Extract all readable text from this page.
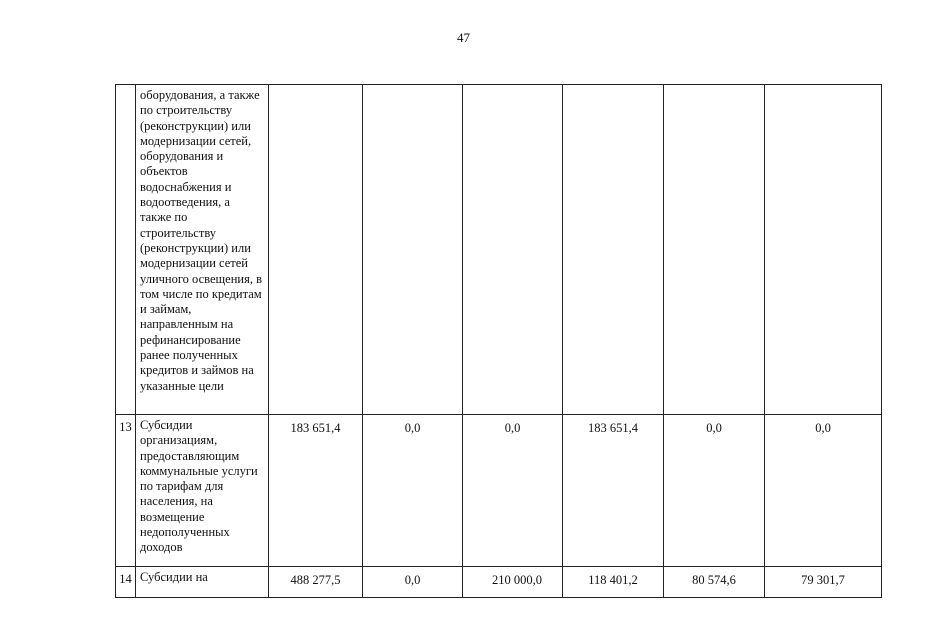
47
	оборудования, а также по строительству (реконструкции) или модернизации сетей, оборудования и объектов водоснабжения и водоотведения, а также по строительству (реконструкции) или модернизации сетей уличного освещения, в том числе по кредитам и займам, направленным на рефинансирование ранее полученных кредитов и займов на указанные цели						
13	Субсидии организациям, предоставляющим коммунальные услуги по тарифам для населения, на возмещение недополученных доходов	183 651,4	0,0	0,0	183 651,4	0,0	0,0
14	Субсидии на	488 277,5	0,0	210 000,0	118 401,2	80 574,6	79 301,7
